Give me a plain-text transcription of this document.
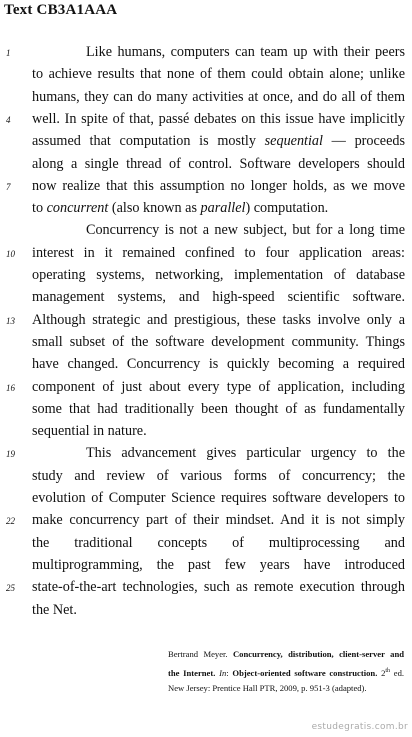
Text CB3A1AAA
Like humans, computers can team up with their peers
to achieve results that none of them could obtain alone; unlike
humans, they can do many activities at once, and do all of them
well. In spite of that, passé debates on this issue have implicitly
assumed that computation is mostly sequential — proceeds
along a single thread of control. Software developers should
now realize that this assumption no longer holds, as we move
to concurrent (also known as parallel) computation.
Concurrency is not a new subject, but for a long time
interest in it remained confined to four application areas:
operating systems, networking, implementation of database
management systems, and high-speed scientific software.
Although strategic and prestigious, these tasks involve only a
small subset of the software development community. Things
have changed. Concurrency is quickly becoming a required
component of just about every type of application, including
some that had traditionally been thought of as fundamentally
sequential in nature.
This advancement gives particular urgency to the
study and review of various forms of concurrency; the
evolution of Computer Science requires software developers to
make concurrency part of their mindset. And it is not simply
the traditional concepts of multiprocessing and
multiprogramming, the past few years have introduced
state-of-the-art technologies, such as remote execution through
the Net.
1
4
7
10
13
16
19
22
25
Bertrand Meyer. Concurrency, distribution, client-server and
the Internet. In: Object-oriented software construction. 2th ed.
New Jersey: Prentice Hall PTR, 2009, p. 951-3 (adapted).
estudegratis.com.br
